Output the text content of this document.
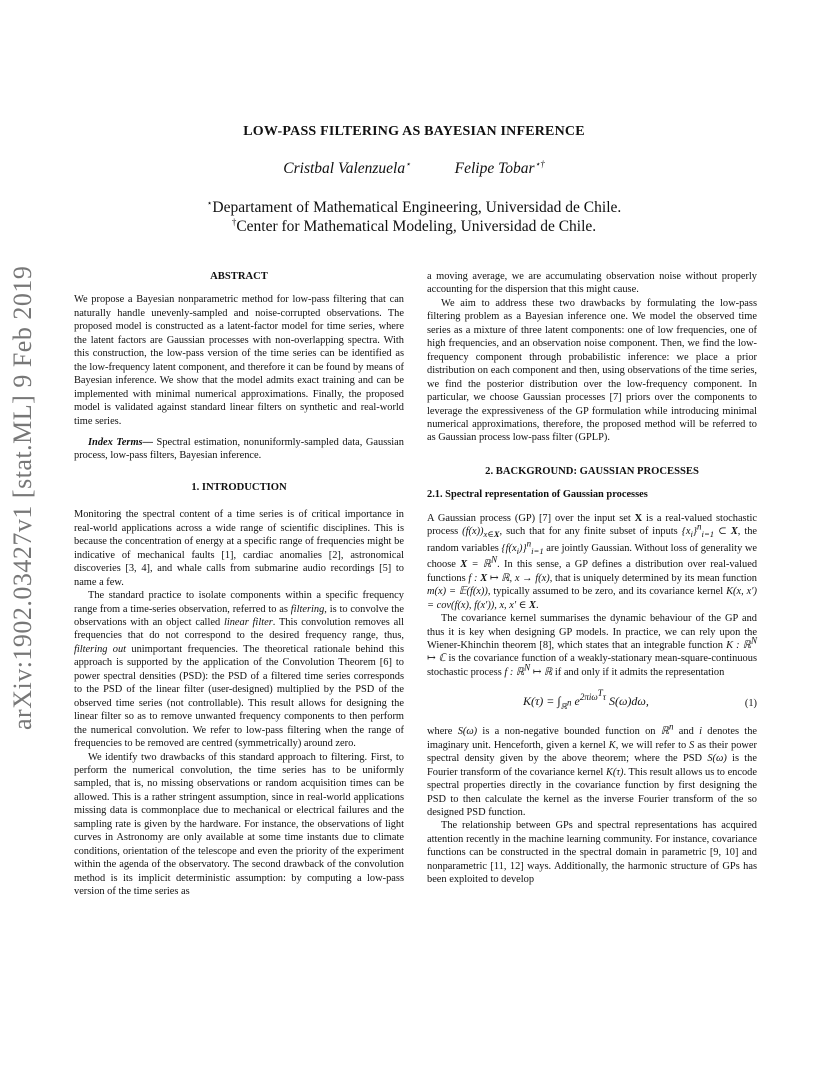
arXiv:1902.03427v1 [stat.ML] 9 Feb 2019
LOW-PASS FILTERING AS BAYESIAN INFERENCE
Cristbal Valenzuela⋆	Felipe Tobar⋆†
⋆Departament of Mathematical Engineering, Universidad de Chile.
†Center for Mathematical Modeling, Universidad de Chile.
ABSTRACT

We propose a Bayesian nonparametric method for low-pass filtering that can naturally handle unevenly-sampled and noise-corrupted observations. The proposed model is constructed as a latent-factor model for time series, where the latent factors are Gaussian processes with non-overlapping spectra. With this construction, the low-pass version of the time series can be identified as the low-frequency latent component, and therefore it can be found by means of Bayesian inference. We show that the model admits exact training and can be implemented with minimal numerical approximations. Finally, the proposed model is validated against standard linear filters on synthetic and real-world time series.

Index Terms— Spectral estimation, nonuniformly-sampled data, Gaussian process, low-pass filters, Bayesian inference.

1. INTRODUCTION

Monitoring the spectral content of a time series is of critical importance in real-world applications across a wide range of scientific disciplines. This is because the concentration of energy at a specific range of frequencies might be indicative of mechanical faults [1], cardiac anomalies [2], astronomical discoveries [3, 4], and whale calls from submarine audio recordings [5] to name a few.

The standard practice to isolate components within a specific frequency range from a time-series observation, referred to as filtering, is to convolve the observations with an object called linear filter. This convolution removes all frequencies that do not correspond to the desired frequency range, thus, filtering out unimportant frequencies. The theoretical rationale behind this approach is supported by the application of the Convolution Theorem [6] to power spectral densities (PSD): the PSD of a filtered time series corresponds to the PSD of the linear filter (user-designed) multiplied by the PSD of the observed time series (not controllable). This result allows for designing the linear filter so as to remove unwanted frequency components to then perform the numerical convolution. We refer to low-pass filtering when the range of frequencies to be removed are centred (symmetrically) around zero.

We identify two drawbacks of this standard approach to filtering. First, to perform the numerical convolution, the time series has to be uniformly sampled, that is, no missing observations or random acquisition times can be allowed. This is a rather stringent assumption, since in real-world applications missing data is commonplace due to mechanical or electrical failures and the sampling rate is given by the hardware. For instance, the observations of light curves in Astronomy are only available at some time instants due to climate conditions, orientation of the telescope and even the priority of the experiment within the agenda of the observatory. The second drawback of the convolution method is its implicit deterministic assumption: by computing a low-pass version of the time series as

a moving average, we are accumulating observation noise without properly accounting for the dispersion that this might cause.

We aim to address these two drawbacks by formulating the low-pass filtering problem as a Bayesian inference one. We model the observed time series as a mixture of three latent components: one of low frequencies, one of high frequencies, and an observation noise component. Then, we find the low-frequency component through probabilistic inference: we place a prior distribution on each component and then, using observations of the time series, we find the posterior distribution over the low-frequency component. In particular, we choose Gaussian processes [7] priors over the components to leverage the expressiveness of the GP formulation while introducing minimal numerical approximations, therefore, the proposed method will be referred to as Gaussian process low-pass filter (GPLP).

2. BACKGROUND: GAUSSIAN PROCESSES
2.1. Spectral representation of Gaussian processes

A Gaussian process (GP) [7] over the input set X is a real-valued stochastic process $(f(x))_{x\in X}$, such that for any finite subset of inputs $\{x_i\}^n_{i=1}$ ⊂ X, the random variables $\{f(x_i)\}^n_{i=1}$ are jointly Gaussian. Without loss of generality we choose X = ℝ$^N$. In this sense, a GP defines a distribution over real-valued functions f : X ↦ ℝ, x → f(x), that is uniquely determined by its mean function m(x) = 𝔼(f(x)), typically assumed to be zero, and its covariance kernel K(x, x′) = cov(f(x), f(x′)), x, x′ ∈ X.

The covariance kernel summarises the dynamic behaviour of the GP and thus it is key when designing GP models. In practice, we can rely upon the Wiener-Khinchin theorem [8], which states that an integrable function K : ℝ$^N$ ↦ ℂ is the covariance function of a weakly-stationary mean-square-continuous stochastic process f : ℝ$^N$ ↦ ℝ if and only if it admits the representation

$K(\tau) = \int_{ℝ^n}$ $e^{2\pi i\omega^T\tau}$ S(ω)dω,	(1)

where S(ω) is a non-negative bounded function on ℝ$^n$ and i denotes the imaginary unit. Henceforth, given a kernel K, we will refer to S as their power spectral density given by the above theorem; where the PSD S(ω) is the Fourier transform of the covariance kernel K(τ). This result allows us to encode spectral properties directly in the covariance function by first designing the PSD to then calculate the kernel as the inverse Fourier transform of the so designed PSD function.

The relationship between GPs and spectral representations has acquired attention recently in the machine learning community. For instance, covariance functions can be constructed in the spectral domain in parametric [9, 10] and nonparametric [11, 12] ways. Additionally, the harmonic structure of GPs has been exploited to develop
